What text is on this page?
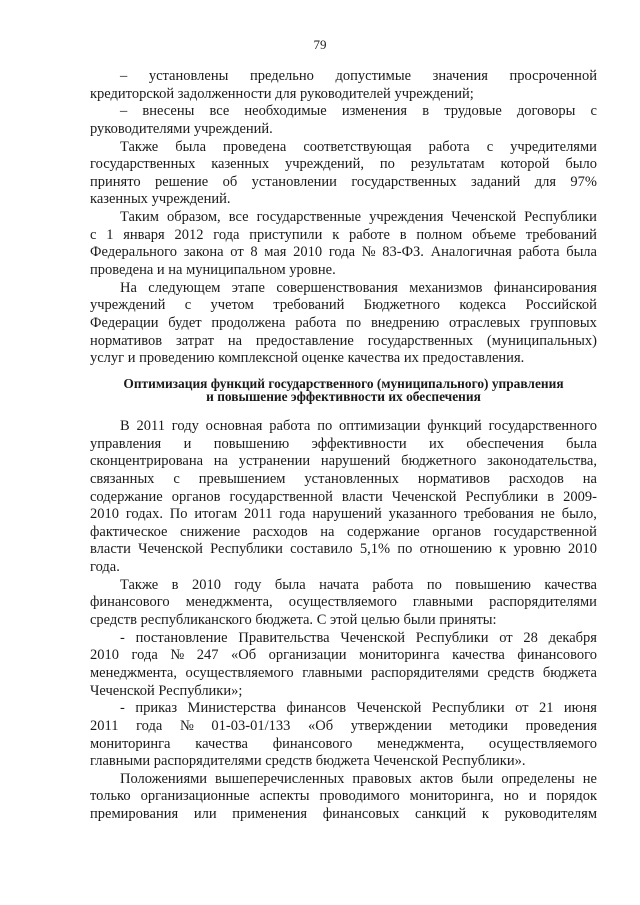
79
– установлены предельно допустимые значения просроченной
кредиторской
задолженности
для
руководителей
учреждений;
– внесены все необходимые изменения в трудовые договоры с
руководителями
учреждений.
Также была проведена соответствующая работа с учредителями
государственных казенных учреждений, по результатам которой было
принято решение об установлении государственных заданий для 97%
казенных
учреждений.
Таким образом, все государственные учреждения Чеченской Республики
с 1 января 2012 года приступили к работе в полном объеме требований
Федерального закона от 8 мая 2010 года № 83-ФЗ. Аналогичная работа была
проведена
и
на
муниципальном
уровне.
На следующем этапе совершенствования механизмов финансирования
учреждений с учетом требований Бюджетного кодекса Российской
Федерации будет продолжена работа по внедрению отраслевых групповых
нормативов затрат на предоставление государственных (муниципальных)
услуг
и
проведению
комплексной
оценке
качества
их
предоставления.
Оптимизация функций государственного (муниципального) управления
и повышение эффективности их обеспечения
В 2011 году основная работа по оптимизации функций государственного
управления и повышению эффективности их обеспечения была
сконцентрирована на устранении нарушений бюджетного законодательства,
связанных с превышением установленных нормативов расходов на
содержание органов государственной власти Чеченской Республики в 2009-
2010 годах. По итогам 2011 года нарушений указанного требования не было,
фактическое снижение расходов на содержание органов государственной
власти Чеченской Республики составило 5,1% по отношению к уровню 2010
года.
Также в 2010 году была начата работа по повышению качества
финансового менеджмента, осуществляемого главными распорядителями
средств
республиканского
бюджета.
С
этой
целью
были
приняты:
- постановление Правительства Чеченской Республики от 28 декабря
2010 года № 247 «Об организации мониторинга качества финансового
менеджмента, осуществляемого главными распорядителями средств бюджета
Чеченской
Республики»;
- приказ Министерства финансов Чеченской Республики от 21 июня
2011 года № 01-03-01/133 «Об утверждении методики проведения
мониторинга качества финансового менеджмента, осуществляемого
главными
распорядителями
средств
бюджета
Чеченской
Республики».
Положениями вышеперечисленных правовых актов были определены не
только организационные аспекты проводимого мониторинга, но и порядок
премирования или применения финансовых санкций к руководителям
